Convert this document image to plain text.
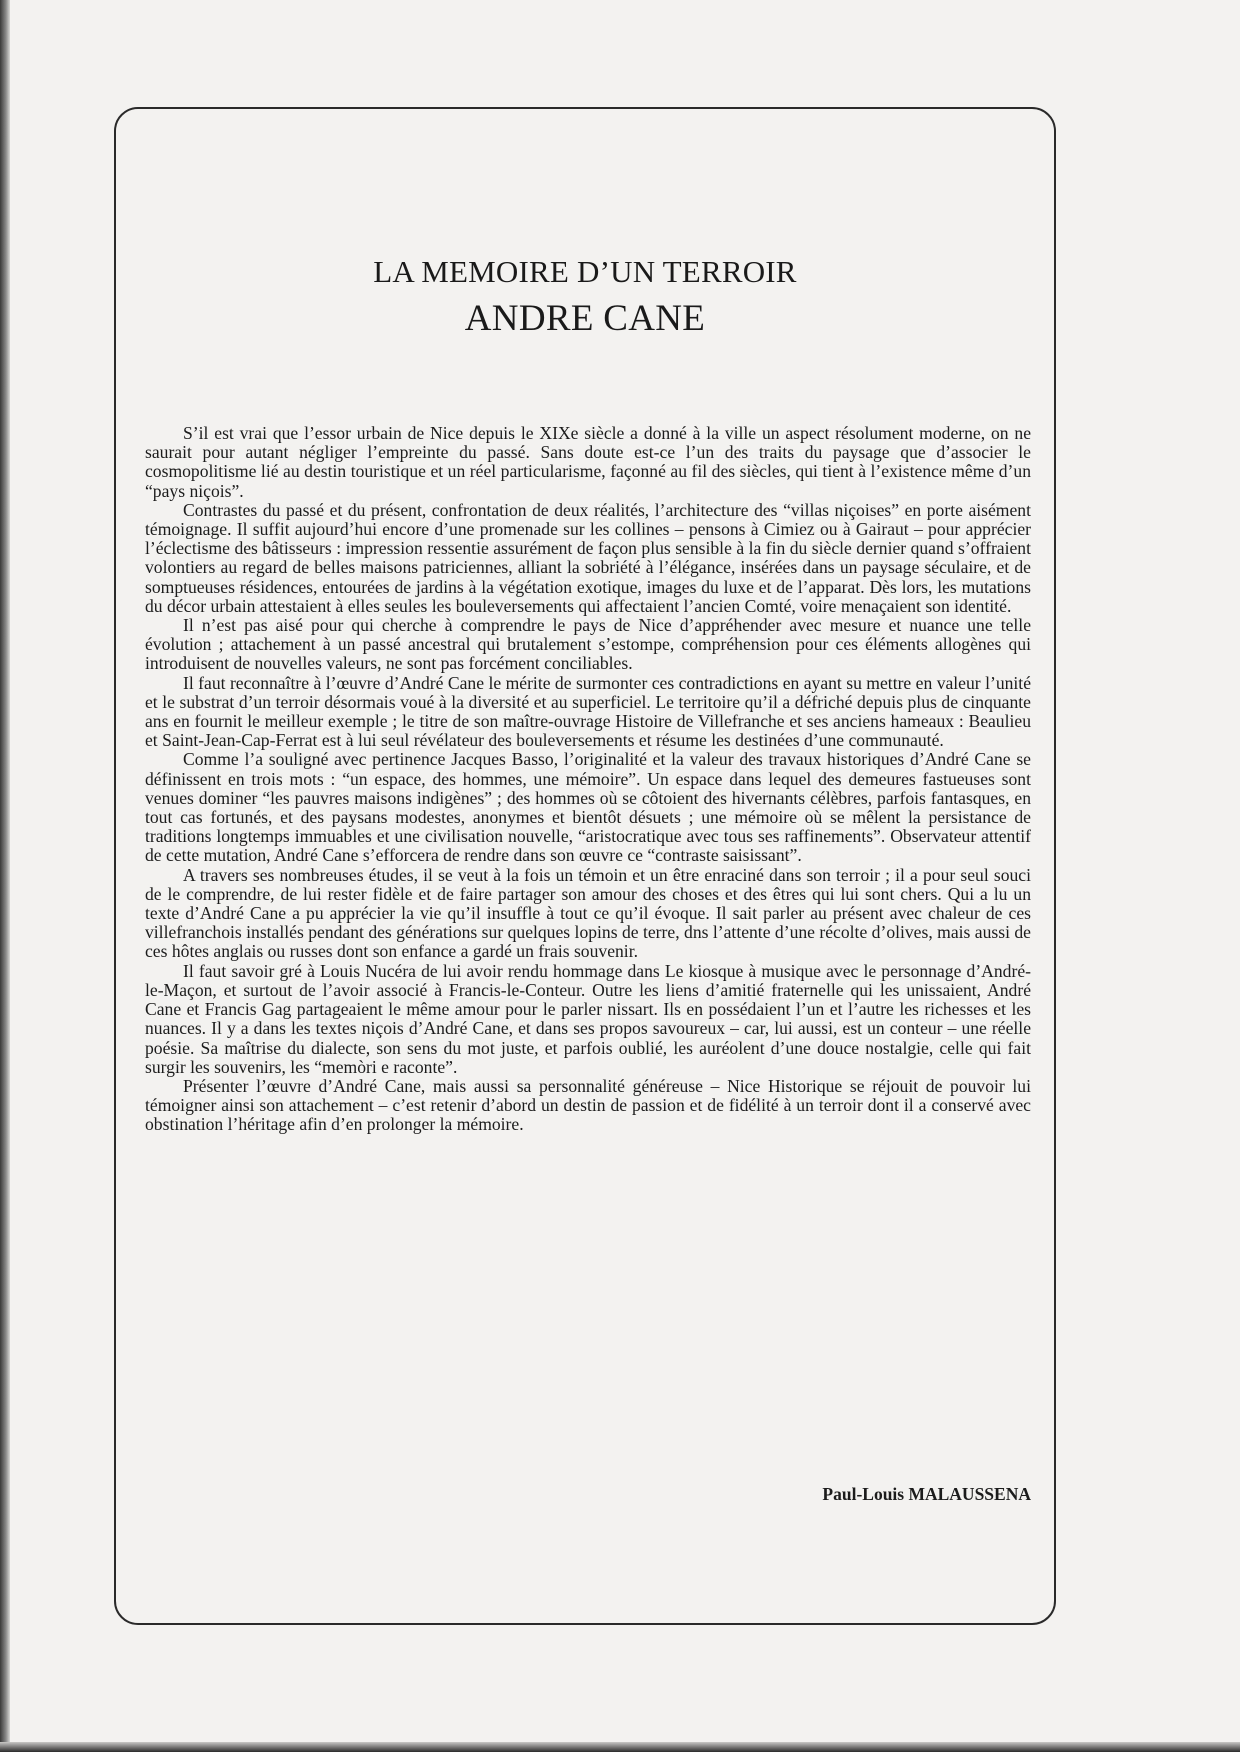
LA MEMOIRE D’UN TERROIR
ANDRE CANE

S’il est vrai que l’essor urbain de Nice depuis le XIXe siècle a donné à la ville un aspect résolument moderne, on ne saurait pour autant négliger l’empreinte du passé. Sans doute est-ce l’un des traits du paysage que d’associer le cosmopolitisme lié au destin touristique et un réel particularisme, façonné au fil des siècles, qui tient à l’existence même d’un “pays niçois”.

Contrastes du passé et du présent, confrontation de deux réalités, l’architecture des “villas niçoises” en porte aisément témoignage. Il suffit aujourd’hui encore d’une promenade sur les collines – pensons à Cimiez ou à Gairaut – pour apprécier l’éclectisme des bâtisseurs : impression ressentie assurément de façon plus sensible à la fin du siècle dernier quand s’offraient volontiers au regard de belles maisons patriciennes, alliant la sobriété à l’élégance, insérées dans un paysage séculaire, et de somptueuses résidences, entourées de jardins à la végétation exotique, images du luxe et de l’apparat. Dès lors, les mutations du décor urbain attestaient à elles seules les bouleversements qui affectaient l’ancien Comté, voire menaçaient son identité.

Il n’est pas aisé pour qui cherche à comprendre le pays de Nice d’appréhender avec mesure et nuance une telle évolution ; attachement à un passé ancestral qui brutalement s’estompe, compréhension pour ces éléments allogènes qui introduisent de nouvelles valeurs, ne sont pas forcément conciliables.

Il faut reconnaître à l’œuvre d’André Cane le mérite de surmonter ces contradictions en ayant su mettre en valeur l’unité et le substrat d’un terroir désormais voué à la diversité et au superficiel. Le territoire qu’il a défriché depuis plus de cinquante ans en fournit le meilleur exemple ; le titre de son maître-ouvrage Histoire de Villefranche et ses anciens hameaux : Beaulieu et Saint-Jean-Cap-Ferrat est à lui seul révélateur des bouleversements et résume les destinées d’une communauté.

Comme l’a souligné avec pertinence Jacques Basso, l’originalité et la valeur des travaux historiques d’André Cane se définissent en trois mots : “un espace, des hommes, une mémoire”. Un espace dans lequel des demeures fastueuses sont venues dominer “les pauvres maisons indigènes” ; des hommes où se côtoient des hivernants célèbres, parfois fantasques, en tout cas fortunés, et des paysans modestes, anonymes et bientôt désuets ; une mémoire où se mêlent la persistance de traditions longtemps immuables et une civilisation nouvelle, “aristocratique avec tous ses raffinements”. Observateur attentif de cette mutation, André Cane s’efforcera de rendre dans son œuvre ce “contraste saisissant”.

A travers ses nombreuses études, il se veut à la fois un témoin et un être enraciné dans son terroir ; il a pour seul souci de le comprendre, de lui rester fidèle et de faire partager son amour des choses et des êtres qui lui sont chers. Qui a lu un texte d’André Cane a pu apprécier la vie qu’il insuffle à tout ce qu’il évoque. Il sait parler au présent avec chaleur de ces villefranchois installés pendant des générations sur quelques lopins de terre, dns l’attente d’une récolte d’olives, mais aussi de ces hôtes anglais ou russes dont son enfance a gardé un frais souvenir.

Il faut savoir gré à Louis Nucéra de lui avoir rendu hommage dans Le kiosque à musique avec le personnage d’André-le-Maçon, et surtout de l’avoir associé à Francis-le-Conteur. Outre les liens d’amitié fraternelle qui les unissaient, André Cane et Francis Gag partageaient le même amour pour le parler nissart. Ils en possédaient l’un et l’autre les richesses et les nuances. Il y a dans les textes niçois d’André Cane, et dans ses propos savoureux – car, lui aussi, est un conteur – une réelle poésie. Sa maîtrise du dialecte, son sens du mot juste, et parfois oublié, les auréolent d’une douce nostalgie, celle qui fait surgir les souvenirs, les “memòri e raconte”.

Présenter l’œuvre d’André Cane, mais aussi sa personnalité généreuse – Nice Historique se réjouit de pouvoir lui témoigner ainsi son attachement – c’est retenir d’abord un destin de passion et de fidélité à un terroir dont il a conservé avec obstination l’héritage afin d’en prolonger la mémoire.

Paul-Louis MALAUSSENA
